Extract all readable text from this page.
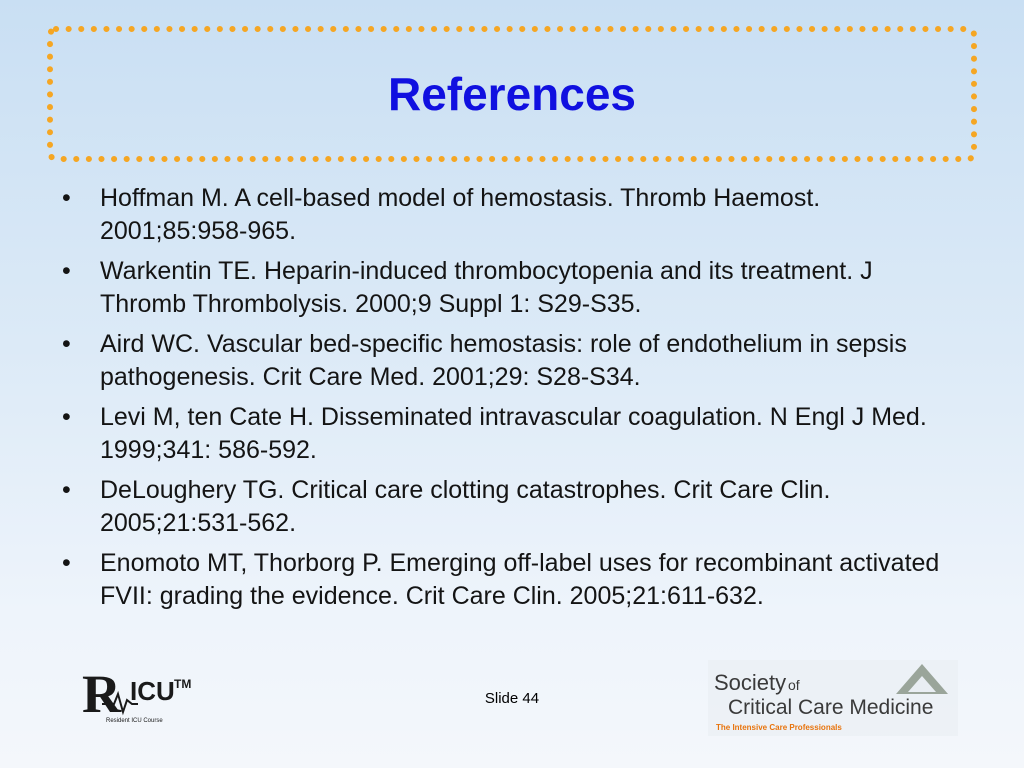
References
• Hoffman M. A cell-based model of hemostasis. Thromb Haemost. 2001;85:958-965.
• Warkentin TE. Heparin-induced thrombocytopenia and its treatment. J Thromb Thrombolysis. 2000;9 Suppl 1: S29-S35.
• Aird WC. Vascular bed-specific hemostasis: role of endothelium in sepsis pathogenesis. Crit Care Med. 2001;29: S28-S34.
• Levi M, ten Cate H. Disseminated intravascular coagulation. N Engl J Med. 1999;341: 586-592.
• DeLoughery TG. Critical care clotting catastrophes. Crit Care Clin. 2005;21:531-562.
• Enomoto MT, Thorborg P. Emerging off-label uses for recombinant activated FVII: grading the evidence. Crit Care Clin. 2005;21:611-632.
R ICU TM
Resident ICU Course
Slide 44
Society of
Critical Care Medicine
The Intensive Care Professionals
